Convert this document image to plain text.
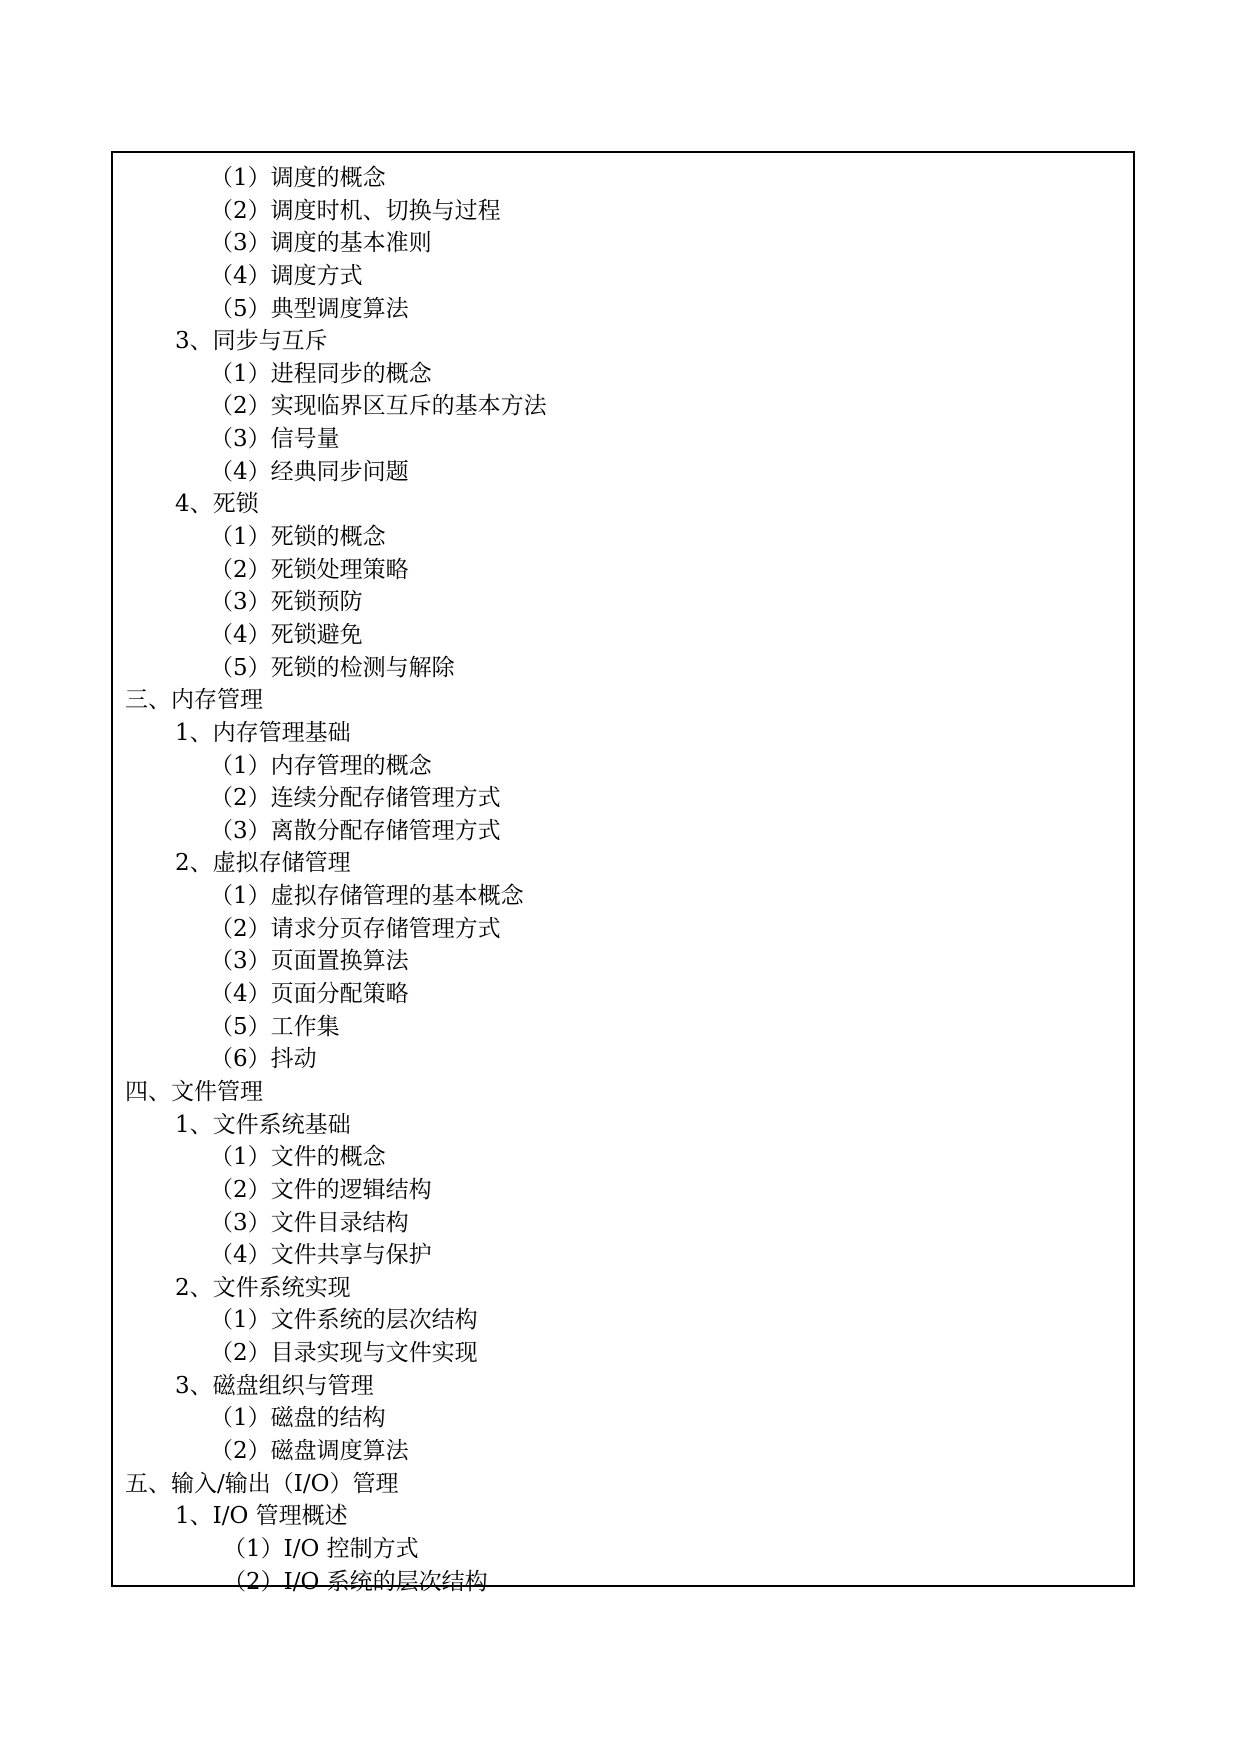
（1）调度的概念
（2）调度时机、切换与过程
（3）调度的基本准则
（4）调度方式
（5）典型调度算法
3、同步与互斥
（1）进程同步的概念
（2）实现临界区互斥的基本方法
（3）信号量
（4）经典同步问题
4、死锁
（1）死锁的概念
（2）死锁处理策略
（3）死锁预防
（4）死锁避免
（5）死锁的检测与解除
三、内存管理
1、内存管理基础
（1）内存管理的概念
（2）连续分配存储管理方式
（3）离散分配存储管理方式
2、虚拟存储管理
（1）虚拟存储管理的基本概念
（2）请求分页存储管理方式
（3）页面置换算法
（4）页面分配策略
（5）工作集
（6）抖动
四、文件管理
1、文件系统基础
（1）文件的概念
（2）文件的逻辑结构
（3）文件目录结构
（4）文件共享与保护
2、文件系统实现
（1）文件系统的层次结构
（2）目录实现与文件实现
3、磁盘组织与管理
（1）磁盘的结构
（2）磁盘调度算法
五、输入/输出（I/O）管理
1、I/O 管理概述
（1）I/O 控制方式
（2）I/O 系统的层次结构
